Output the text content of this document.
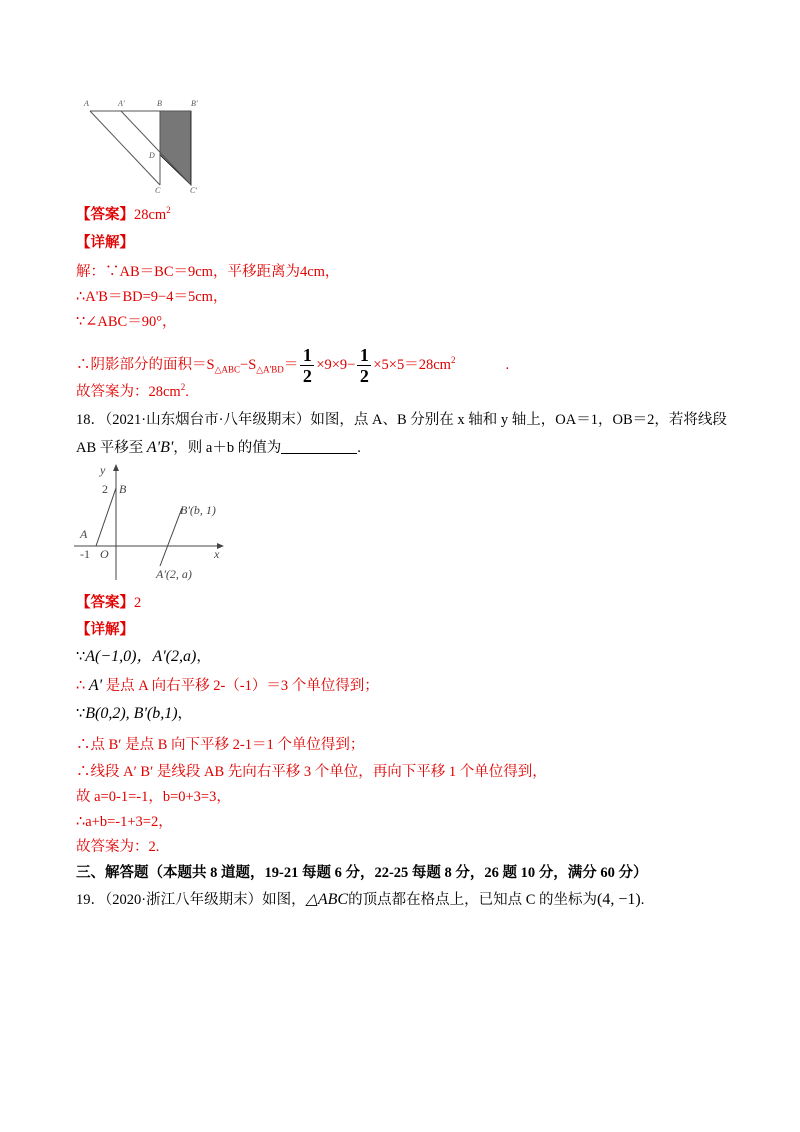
A	A'	B	B'
D
C	C'
【答案】$28cm^2$
【详解】
解：∵AB＝BC＝9cm，平移距离为4cm，
∴A'B＝BD=9−4＝5cm，
∵∠ABC＝90°，
∴阴影部分的面积$=S_{\triangle ABC}-S_{\triangle A'BD}= \frac{1}{2} \times 9\times 9- \frac{1}{2} \times 5\times 5=28cm^2$	.
故答案为：$28cm^2$.
18．（2021·山东烟台市·八年级期末）如图，点 A、B 分别在 x 轴和 y 轴上，OA＝1，OB＝2，若将线段
AB 平移至 A'B'，则 a＋b 的值为	.
y
x
2 B
A
-1 O
B'(b, 1)
A'(2, a)
【答案】2
【详解】
∵A(−1,0)，A'(2,a)，
∴ A' 是点 A 向右平移 2-（-1）＝3 个单位得到；
∵B(0,2), B'(b,1)，
∴点 B′ 是点 B 向下平移 2-1＝1 个单位得到；
∴线段 A′ B′ 是线段 AB 先向右平移 3 个单位，再向下平移 1 个单位得到，
故 a=0-1=-1，b=0+3=3，
∴a+b=-1+3=2，
故答案为：2.
三、解答题（本题共 8 道题，19-21 每题 6 分，22-25 每题 8 分，26 题 10 分，满分 60 分）
19．（2020·浙江八年级期末）如图，△ABC的顶点都在格点上，已知点 C 的坐标为(4, −1).
